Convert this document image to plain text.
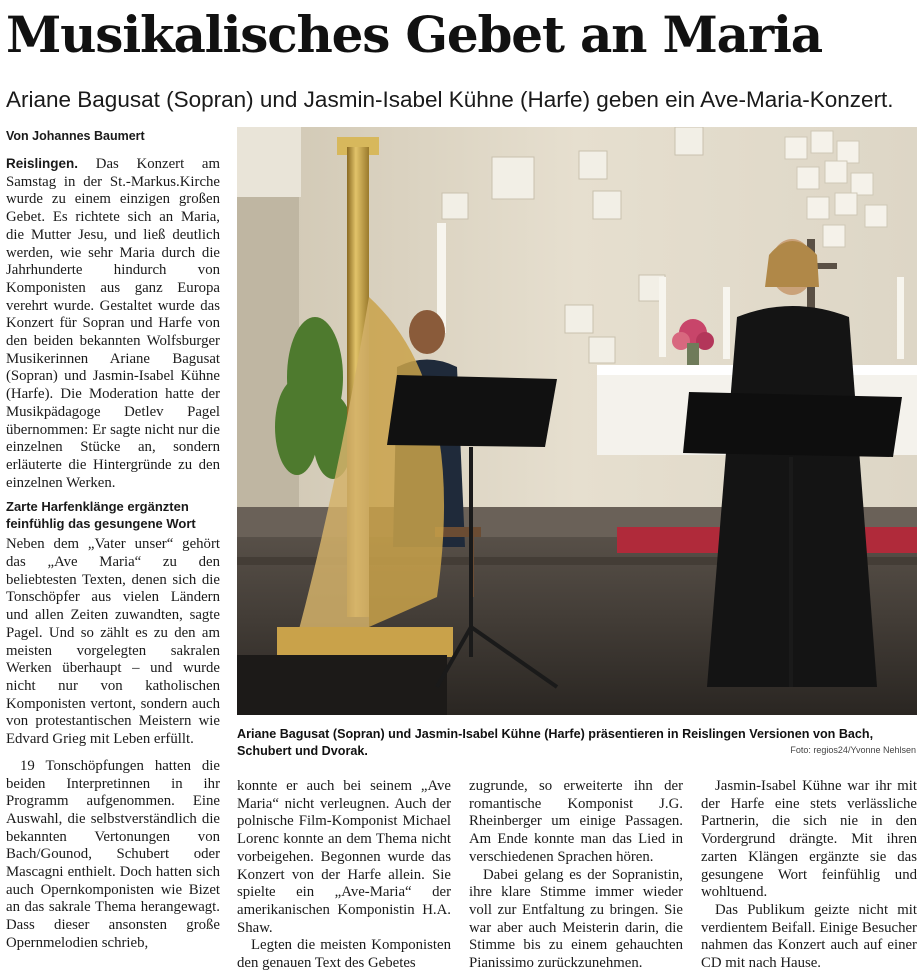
Musikalisches Gebet an Maria
Ariane Bagusat (Sopran) und Jasmin-Isabel Kühne (Harfe) geben ein Ave-Maria-Konzert.

Von Johannes Baumert

Reislingen. Das Konzert am Samstag in der St.-Markus.Kirche wurde zu einem einzigen großen Gebet. Es richtete sich an Maria, die Mutter Jesu, und ließ deutlich werden, wie sehr Maria durch die Jahrhunderte hindurch von Komponisten aus ganz Europa verehrt wurde. Gestaltet wurde das Konzert für Sopran und Harfe von den beiden bekannten Wolfsburger Musikerinnen Ariane Bagusat (Sopran) und Jasmin-Isabel Kühne (Harfe). Die Moderation hatte der Musikpädagoge Detlev Pagel übernommen: Er sagte nicht nur die einzelnen Stücke an, sondern erläuterte die Hintergründe zu den einzelnen Werken.

Zarte Harfenklänge ergänzten feinfühlig das gesungene Wort

Neben dem „Vater unser“ gehört das „Ave Maria“ zu den beliebtesten Texten, denen sich die Tonschöpfer aus vielen Ländern und allen Zeiten zuwandten, sagte Pagel. Und so zählt es zu den am meisten vorgelegten sakralen Werken überhaupt – und wurde nicht nur von katholischen Komponisten vertont, sondern auch von protestantischen Meistern wie Edvard Grieg mit Leben erfüllt.

19 Tonschöpfungen hatten die beiden Interpretinnen in ihr Programm aufgenommen. Eine Auswahl, die selbstverständlich die bekannten Vertonungen von Bach/Gounod, Schubert oder Mascagni enthielt. Doch hatten sich auch Opernkomponisten wie Bizet an das sakrale Thema herangewagt. Dass dieser ansonsten große Opernmelodien schrieb,

Ariane Bagusat (Sopran) und Jasmin-Isabel Kühne (Harfe) präsentieren in Reislingen Versionen von Bach, Schubert und Dvorak.	Foto: regios24/Yvonne Nehlsen

konnte er auch bei seinem „Ave Maria“ nicht verleugnen. Auch der polnische Film-Komponist Michael Lorenc konnte an dem Thema nicht vorbeigehen. Begonnen wurde das Konzert von der Harfe allein. Sie spielte ein „Ave-Maria“ der amerikanischen Komponistin H.A. Shaw.

Legten die meisten Komponisten den genauen Text des Gebetes

zugrunde, so erweiterte ihn der romantische Komponist J.G. Rheinberger um einige Passagen. Am Ende konnte man das Lied in verschiedenen Sprachen hören.

Dabei gelang es der Sopranistin, ihre klare Stimme immer wieder voll zur Entfaltung zu bringen. Sie war aber auch Meisterin darin, die Stimme bis zu einem gehauchten Pianissimo zurückzunehmen.

Jasmin-Isabel Kühne war ihr mit der Harfe eine stets verlässliche Partnerin, die sich nie in den Vordergrund drängte. Mit ihren zarten Klängen ergänzte sie das gesungene Wort feinfühlig und wohltuend.

Das Publikum geizte nicht mit verdientem Beifall. Einige Besucher nahmen das Konzert auch auf einer CD mit nach Hause.
